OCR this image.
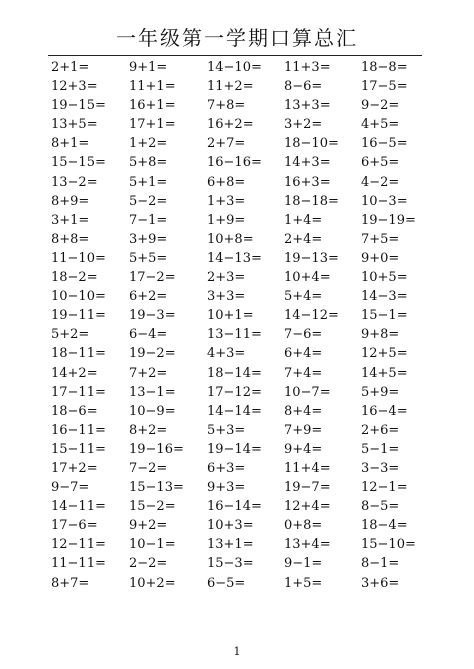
一年级第一学期口算总汇
2+1=	9+1=	14−10= 11+3= 18−8=
12+3= 11+1= 11+2= 8−6=	17−5=
19−15= 16+1= 7+8=	13+3= 9−2=
13+5= 17+1= 16+2= 3+2=	4+5=
8+1=	1+2=	2+7=	18−10= 16−5=
15−15= 5+8=	16−16= 14+3= 6+5=
13−2= 5+1=	6+8=	16+3= 4−2=
8+9=	5−2=	1+3=	18−18= 10−3=
3+1=	7−1=	1+9=	1+4=	19−19=
8+8=	3+9=	10+8= 2+4=	7+5=
11−10= 5+5=	14−13= 19−13= 9+0=
18−2= 17−2= 2+3=	10+4= 10+5=
10−10= 6+2=	3+3=	5+4=	14−3=
19−11= 19−3= 10+1= 14−12= 15−1=
5+2=	6−4=	13−11= 7−6=	9+8=
18−11= 19−2= 4+3=	6+4=	12+5=
14+2= 7+2=	18−14= 7+4=	14+5=
17−11= 13−1= 17−12= 10−7= 5+9=
18−6= 10−9= 14−14= 8+4=	16−4=
16−11= 8+2=	5+3=	7+9=	2+6=
15−11= 19−16= 19−14= 9+4=	5−1=
17+2= 7−2=	6+3=	11+4= 3−3=
9−7=	15−13= 9+3=	19−7= 12−1=
14−11= 15−2= 16−14= 12+4= 8−5=
17−6= 9+2=	10+3= 0+8=	18−4=
12−11= 10−1= 13+1= 13+4= 15−10=
11−11= 2−2=	15−3= 9−1=	8−1=
8+7=	10+2= 6−5=	1+5=	3+6=
1
